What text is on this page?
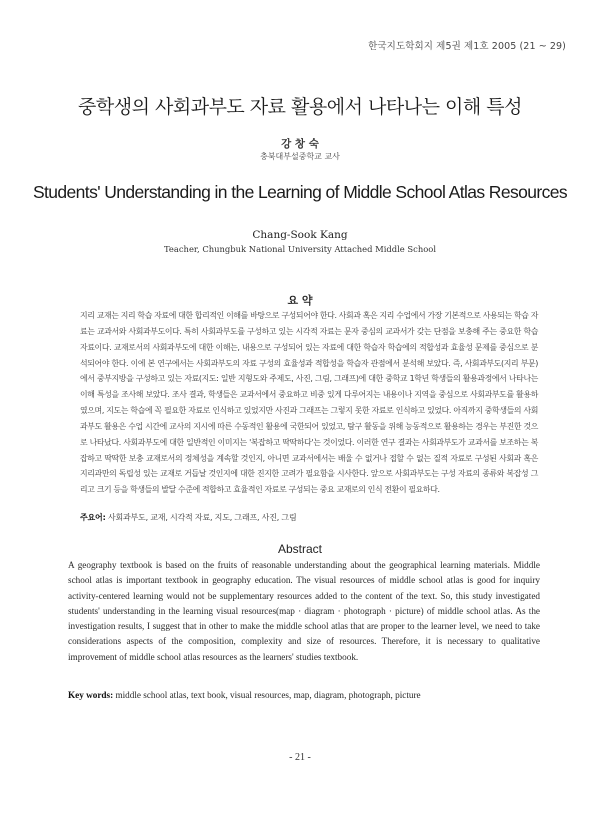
한국지도학회지 제5권 제1호 2005 (21 ~ 29)
중학생의 사회과부도 자료 활용에서 나타나는 이해 특성
강 창 숙
충북대부설중학교 교사
Students' Understanding in the Learning of Middle School Atlas Resources
Chang-Sook Kang
Teacher, Chungbuk National University Attached Middle School
요 약
지리 교재는 지리 학습 자료에 대한 합리적인 이해를 바탕으로 구성되어야 한다. 사회과 혹은 지리 수업에서 가장 기본적으로 사용되는 학습 자료는 교과서와 사회과부도이다. 특히 사회과부도를 구성하고 있는 시각적 자료는 문자 중심의 교과서가 갖는 단점을 보충해 주는 중요한 학습 자료이다. 교재로서의 사회과부도에 대한 이해는, 내용으로 구성되어 있는 자료에 대한 학습자 학습에의 적합성과 효율성 문제를 중심으로 분석되어야 한다. 이에 본 연구에서는 사회과부도의 자료 구성의 효율성과 적합성을 학습자 관점에서 분석해 보았다. 즉, 사회과부도(지리 부문)에서 중부지방을 구성하고 있는 자료(지도: 일반 지형도와 주제도, 사진, 그림, 그래프)에 대한 중학교 1학년 학생들의 활용과정에서 나타나는 이해 특성을 조사해 보았다. 조사 결과, 학생들은 교과서에서 중요하고 비중 있게 다루어지는 내용이나 지역을 중심으로 사회과부도를 활용하였으며, 지도는 학습에 꼭 필요한 자료로 인식하고 있었지만 사진과 그래프는 그렇지 못한 자료로 인식하고 있었다. 아직까지 중학생들의 사회과부도 활용은 수업 시간에 교사의 지시에 따른 수동적인 활용에 국한되어 있었고, 탐구 활동을 위해 능동적으로 활용하는 경우는 부진한 것으로 나타났다. 사회과부도에 대한 일반적인 이미지는 '복잡하고 딱딱하다'는 것이었다. 이러한 연구 결과는 사회과부도가 교과서를 보조하는 복잡하고 딱딱한 보충 교재로서의 정체성을 계속할 것인지, 아니면 교과서에서는 배울 수 없거나 접할 수 없는 질적 자료로 구성된 사회과 혹은 지리과만의 독립성 있는 교재로 거듭날 것인지에 대한 진지한 고려가 필요함을 시사한다. 앞으로 사회과부도는 구성 자료의 종류와 복잡성 그리고 크기 등을 학생들의 발달 수준에 적합하고 효율적인 자료로 구성되는 중요 교재로의 인식 전환이 필요하다.
주요어: 사회과부도, 교재, 시각적 자료, 지도, 그래프, 사진, 그림
Abstract
A geography textbook is based on the fruits of reasonable understanding about the geographical learning materials. Middle school atlas is important textbook in geography education. The visual resources of middle school atlas is good for inquiry activity-centered learning would not be supplementary resources added to the content of the text. So, this study investigated students' understanding in the learning visual resources(map · diagram · photograph · picture) of middle school atlas. As the investigation results, I suggest that in other to make the middle school atlas that are proper to the learner level, we need to take considerations aspects of the composition, complexity and size of resources. Therefore, it is necessary to qualitative improvement of middle school atlas resources as the learners' studies textbook.
Key words: middle school atlas, text book, visual resources, map, diagram, photograph, picture
- 21 -
